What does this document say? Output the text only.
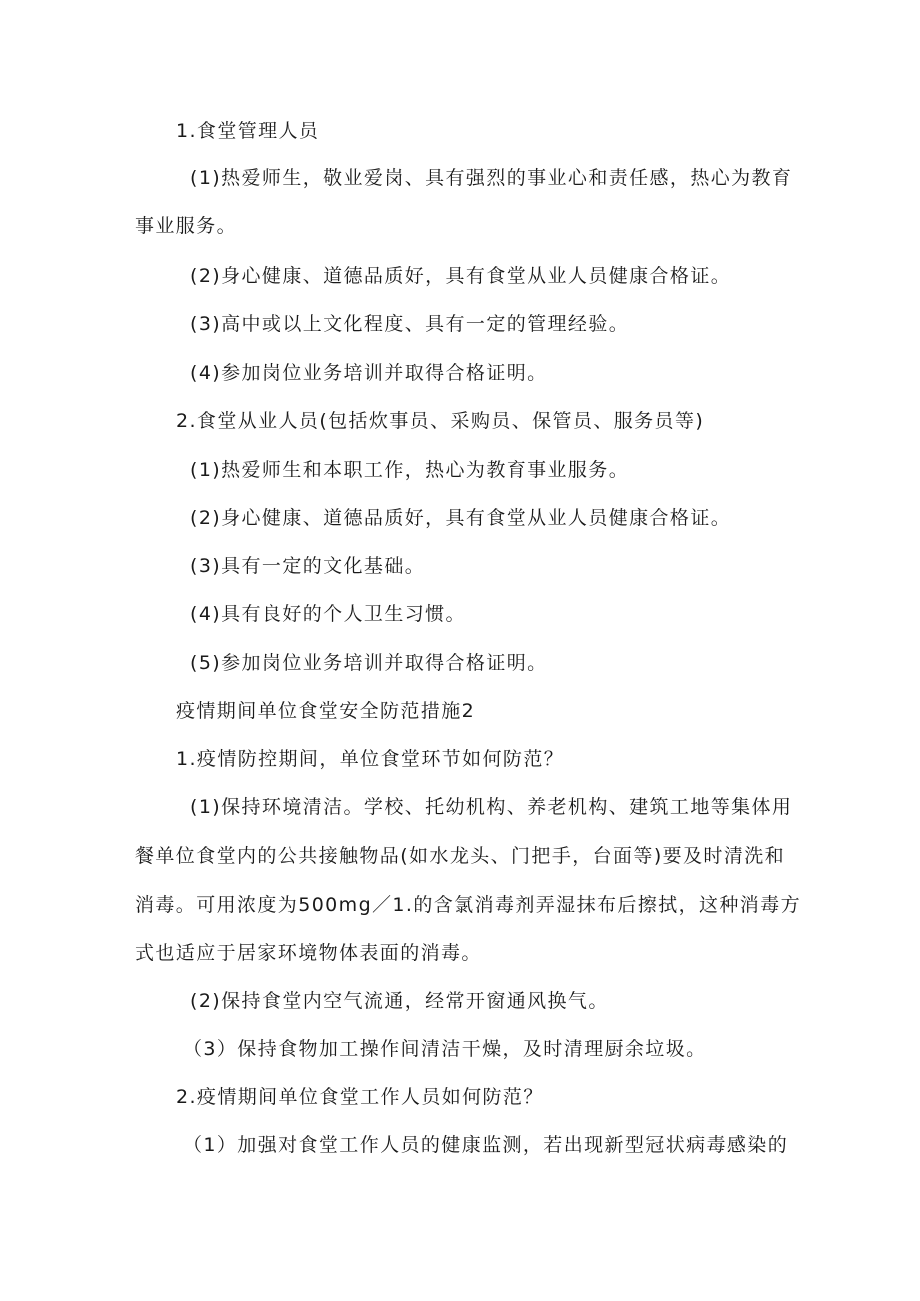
1.食堂管理人员
(1)热爱师生，敬业爱岗、具有强烈的事业心和责任感，热心为教育
事业服务。
(2)身心健康、道德品质好，具有食堂从业人员健康合格证。
(3)高中或以上文化程度、具有一定的管理经验。
(4)参加岗位业务培训并取得合格证明。
2.食堂从业人员(包括炊事员、采购员、保管员、服务员等)
(1)热爱师生和本职工作，热心为教育事业服务。
(2)身心健康、道德品质好，具有食堂从业人员健康合格证。
(3)具有一定的文化基础。
(4)具有良好的个人卫生习惯。
(5)参加岗位业务培训并取得合格证明。
疫情期间单位食堂安全防范措施2
1.疫情防控期间，单位食堂环节如何防范？
(1)保持环境清洁。学校、托幼机构、养老机构、建筑工地等集体用
餐单位食堂内的公共接触物品(如水龙头、门把手，台面等)要及时清洗和
消毒。可用浓度为500mg／1.的含氯消毒剂弄湿抹布后擦拭，这种消毒方
式也适应于居家环境物体表面的消毒。
(2)保持食堂内空气流通，经常开窗通风换气。
（3）保持食物加工操作间清洁干燥，及时清理厨余垃圾。
2.疫情期间单位食堂工作人员如何防范？
（1）加强对食堂工作人员的健康监测，若出现新型冠状病毒感染的
